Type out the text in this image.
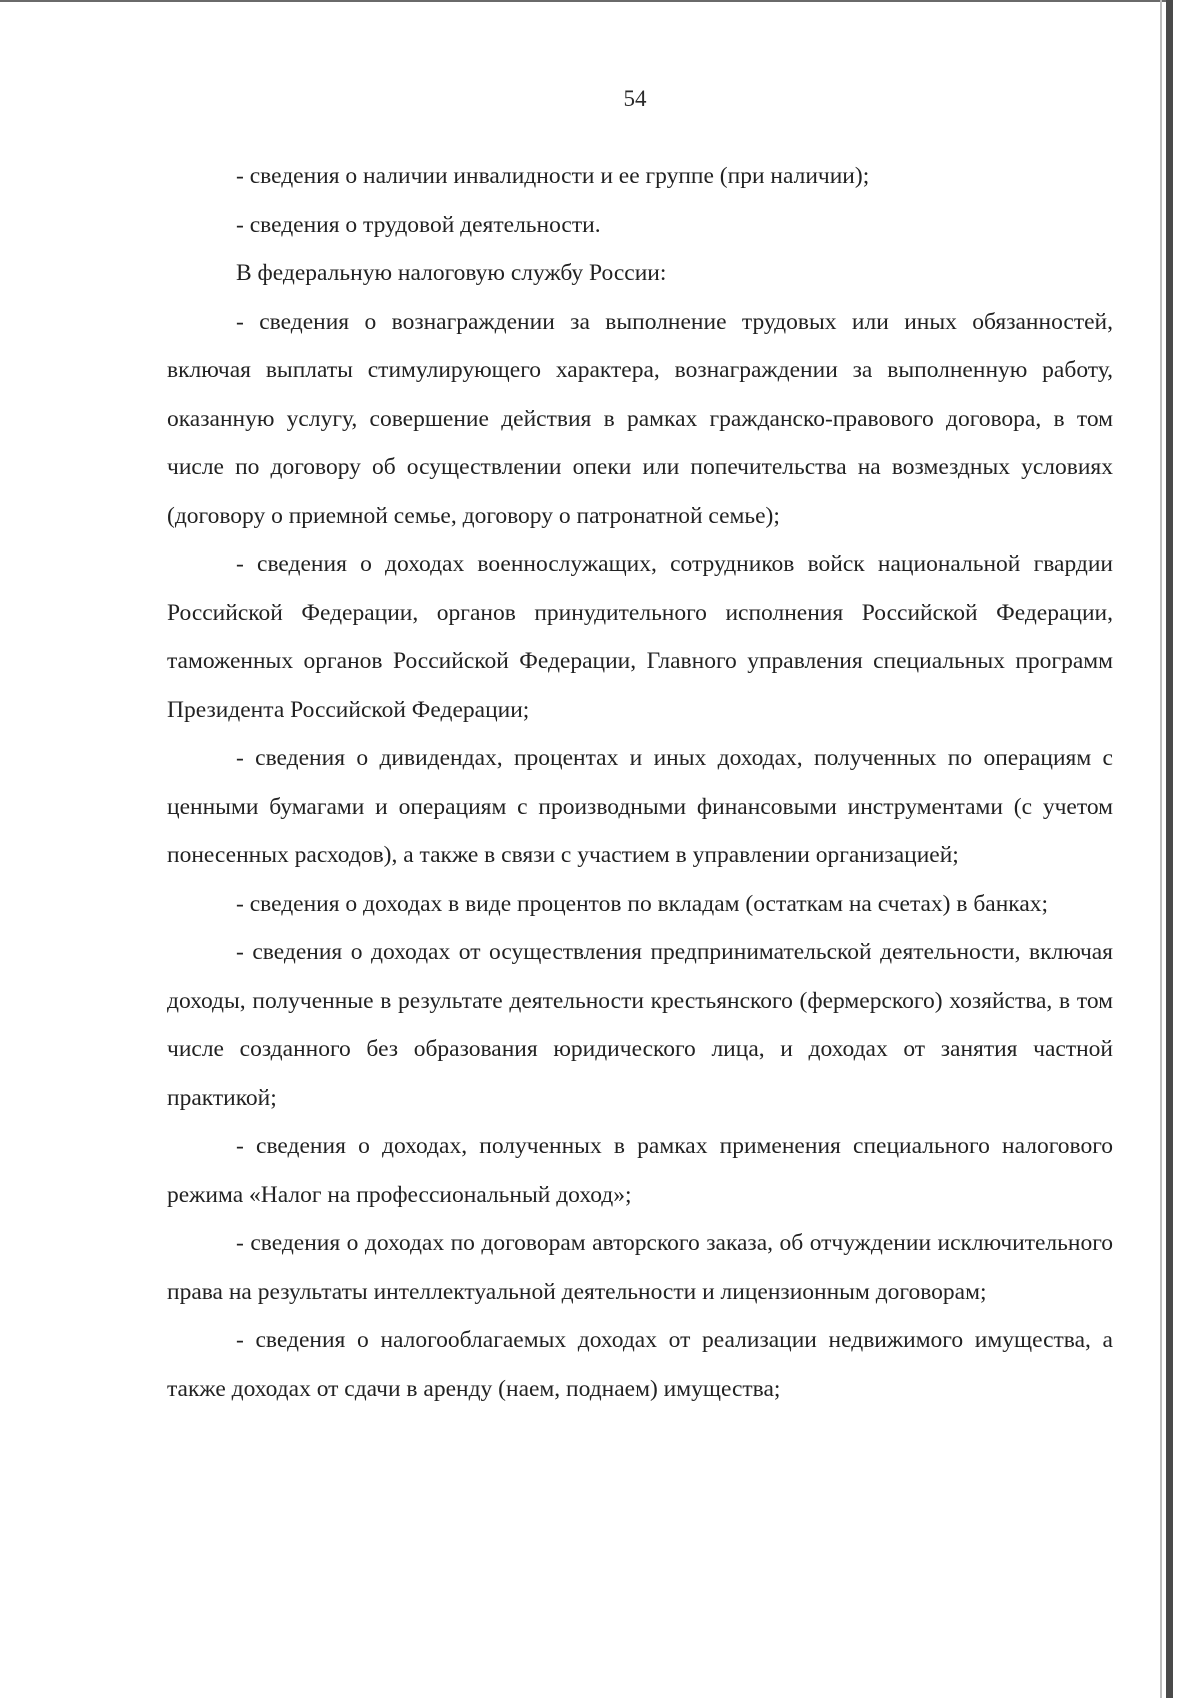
54

- сведения о наличии инвалидности и ее группе (при наличии);

- сведения о трудовой деятельности.

В федеральную налоговую службу России:

- сведения о вознаграждении за выполнение трудовых или иных обязанностей, включая выплаты стимулирующего характера, вознаграждении за выполненную работу, оказанную услугу, совершение действия в рамках гражданско-правового договора, в том числе по договору об осуществлении опеки или попечительства на возмездных условиях (договору о приемной семье, договору о патронатной семье);

- сведения о доходах военнослужащих, сотрудников войск национальной гвардии Российской Федерации, органов принудительного исполнения Российской Федерации, таможенных органов Российской Федерации, Главного управления специальных программ Президента Российской Федерации;

- сведения о дивидендах, процентах и иных доходах, полученных по операциям с ценными бумагами и операциям с производными финансовыми инструментами (с учетом понесенных расходов), а также в связи с участием в управлении организацией;

- сведения о доходах в виде процентов по вкладам (остаткам на счетах) в банках;

- сведения о доходах от осуществления предпринимательской деятельности, включая доходы, полученные в результате деятельности крестьянского (фермерского) хозяйства, в том числе созданного без образования юридического лица, и доходах от занятия частной практикой;

- сведения о доходах, полученных в рамках применения специального налогового режима «Налог на профессиональный доход»;

- сведения о доходах по договорам авторского заказа, об отчуждении исключительного права на результаты интеллектуальной деятельности и лицензионным договорам;

- сведения о налогооблагаемых доходах от реализации недвижимого имущества, а также доходах от сдачи в аренду (наем, поднаем) имущества;
